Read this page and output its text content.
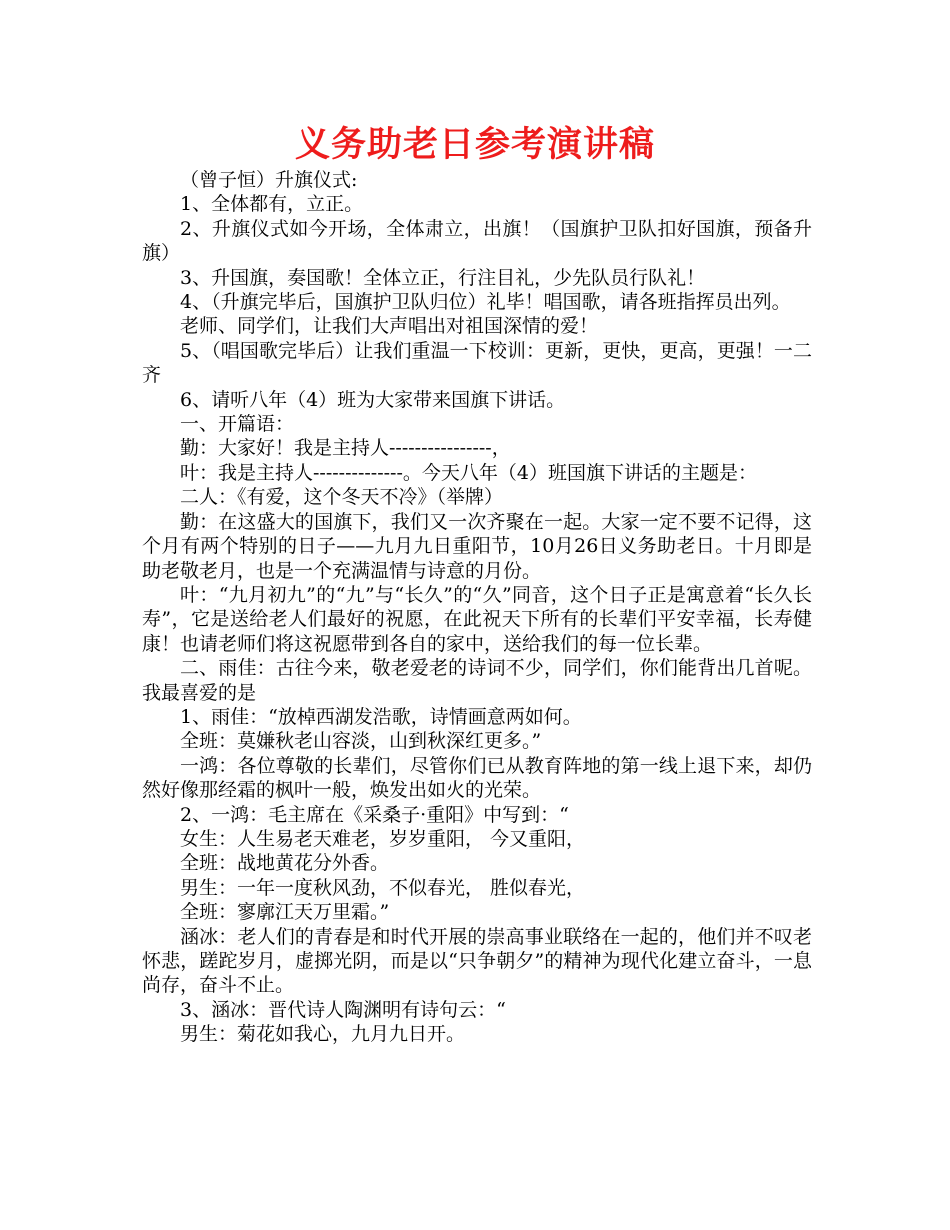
义务助老日参考演讲稿

（曾子恒）升旗仪式:

1、全体都有，立正。

2、升旗仪式如今开场，全体肃立，出旗！（国旗护卫队扣好国旗，预备升旗）

3、升国旗，奏国歌！全体立正，行注目礼，少先队员行队礼！

4、（升旗完毕后，国旗护卫队归位）礼毕！唱国歌，请各班指挥员出列。

老师、同学们，让我们大声唱出对祖国深情的爱！

5、（唱国歌完毕后）让我们重温一下校训：更新，更快，更高，更强！一二齐

6、请听八年（4）班为大家带来国旗下讲话。

一、开篇语：

勤：大家好！我是主持人----------------，

叶：我是主持人--------------。今天八年（4）班国旗下讲话的主题是：

二人：《有爱，这个冬天不冷》（举牌）

勤：在这盛大的国旗下，我们又一次齐聚在一起。大家一定不要不记得，这个月有两个特别的日子——九月九日重阳节，10月26日义务助老日。十月即是助老敬老月，也是一个充满温情与诗意的月份。

叶：“九月初九”的“九”与“长久”的“久”同音，这个日子正是寓意着“长久长寿”，它是送给老人们最好的祝愿，在此祝天下所有的长辈们平安幸福，长寿健康！也请老师们将这祝愿带到各自的家中，送给我们的每一位长辈。

二、雨佳：古往今来，敬老爱老的诗词不少，同学们，你们能背出几首呢。我最喜爱的是

1、雨佳：“放棹西湖发浩歌，诗情画意两如何。

全班：莫嫌秋老山容淡，山到秋深红更多。”

一鸿：各位尊敬的长辈们，尽管你们已从教育阵地的第一线上退下来，却仍然好像那经霜的枫叶一般，焕发出如火的光荣。

2、一鸿：毛主席在《采桑子·重阳》中写到：“

女生：人生易老天难老，岁岁重阳， 今又重阳，

全班：战地黄花分外香。

男生：一年一度秋风劲，不似春光， 胜似春光，

全班：寥廓江天万里霜。”

涵冰：老人们的青春是和时代开展的崇高事业联络在一起的，他们并不叹老怀悲，蹉跎岁月，虚掷光阴，而是以“只争朝夕”的精神为现代化建立奋斗，一息尚存，奋斗不止。

3、涵冰：晋代诗人陶渊明有诗句云：“

男生：菊花如我心，九月九日开。
